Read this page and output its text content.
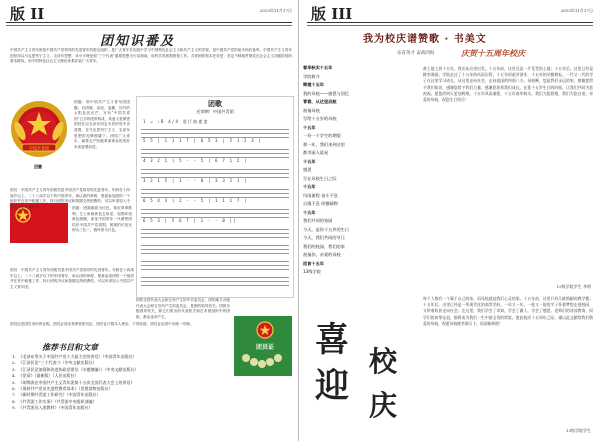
版 II	2013年11月17日
团知识番及
中国共产主义青年团是中国共产党领导的先进青年的群众组织，是广大青年在实践中学习中国特色社会主义和共产主义的学校，是中国共产党的助手和后备军。中国共产主义青年团坚持以马克思列宁主义、毛泽东思想、邓小平理论和“三个代表”重要思想为行动指南，用科学发展观统领工作。共青团的根本任务是：坚定不移地贯彻党在社会主义初级阶段的基本路线，用中国特色社会主义理论体系武装广大青年。
中国共青团
团徽
团徽：即中国共产主义青年团团徽。以团旗、齿轮、麦穗、初升的太阳及其光芒、写有“中国共青团”五字的绶带构成，其意义是紧密团结在以毛泽东同志为首的党中央周围，在马克思列宁主义、毛泽东思想的光辉照耀下，团结广大青年，朝着无产阶级革命事业的美好未来奋勇前进。
团员：中国共产主义青年团团员是中国共产党领导的先进青年。年龄在十四周岁以上，二十八周岁以下的中国青年，承认团的章程，愿意参加团的一个组织并在其中积极工作、执行团的决议和按期交纳团费的，可以申请加入中国共产主义青年团。	团旗：团旗旗面为红色，象征革命胜利；左上角缀黄色五角星，周围环绕黄色圆圈，象征中国青年一代紧密团结在中国共产党周围。团旗的长宽比例为三比二，旗杆套为白色。
团歌
光荣啊！中国共青团
1 = ♭B 4/4 进行曲速度
5 5 | 1 1 1 7 | 6 5 3 | 5 1 2 3 |
4 3 2 1 | 5 - - 5 | 6 7 1 2 |
3 2 1 5 | 1 - - 0 | 3 3 2 1 |
6 5 4 3 | 2 - - 5 | 1 1 1 7 |
6 5 3 | 5 6 7 | 1 - - 0 ||
团员：中国共产主义青年团团员是中国共产党领导的先进青年。年龄在十四周岁以上，二十八周岁以下的中国青年，承认团的章程，愿意参加团的一个组织并在其中积极工作、执行团的决议和按期交纳团费的，可以申请加入中国共产主义青年团。
团的全国代表大会和它所产生的中央委员会，团的地方各级代表大会和它们所产生的委员会，是团的领导机关。团的各级领导机关，除它们派出的代表机关和在非团组织中的团组，都由选举产生。
团员证
团员证是团员身份的证明。团员必须妥善保管团员证，团员证只限本人使用，不得转借。团员证由团中央统一印制。
推荐书目和文章
1．《毛泽东等关于中国共产党十大届大会的讲话》（中国青年出版社）
2．《江泽民论“三个代表”》（中央文献出版社）
3．《江泽民论加强和改进执政党建设（专题摘编）》（中央文献出版社）
4．《党章》（最新版）（人民出版社）
5．《胡锦涛在中国共产主义青年团第十五次全国代表大会上的讲话》
6．《保持共产党员先进性教育读本》（党建读物出版社）
7．《新时期共青团工作研究》（中国青年出版社）
8．《共青团工作实务》（共青团中央组织部编）
9．《共青团员入团教材》（中国青年出版社）
版 III	2013年11月17日
我为校庆谱赞歌 · 书美文
庆贺十五周年校庆
乐育英才 奋战四海
春华秋实十五年
学院简介
辉煌十五年
我的母校——感恩与回忆
青春，从这里启航
祝福母校
写给十五岁的母校
十五年
一份一个学生的期望
那一年，我们来到这里
都市丽人晨星
十五年
感恩
写在母校生日之际
十五年
风雨兼程 奋斗不息
自强不息 厚德载物
十五年
我们共同的家园
今天，是你十五岁的生日
今天，我们共同的节日
我们的校园，我们的家
祝福你，亲爱的母校
回首十五年
13级学院
喜
迎
校
庆
黄土地上的十五年，我们从这里出发。十五年前，这里还是一片荒芜的土地；十五年后，这里已经是桃李满园。学院走过了十五年的风雨历程，十五年的艰苦创业，十五年的辛勤耕耘。一代又一代的学子在这里学习成长，从这里走向社会，走向祖国的四面八方。母校啊，您是我们永远的家。感谢您给予我们知识，感谢您给予我们力量，感谢您培养我们成长。在您十五岁生日的时候，让我们共同为您祝福，愿您的明天更加辉煌。十五年风雨兼程，十五年春华秋实。我们为您骄傲，我们为您自豪。亲爱的母校，祝您生日快乐！
13级学院学生 李明
每个人都有一个属于自己的家，而母校就是我们心灵的家。十五年前，这里只有几栋简陋的教学楼；十五年后，这里已经是一所现代化的高等学府。一年又一年，一批又一批的学子怀着梦想走进校园，又带着收获走向社会。在这里，我们学会了求知，学会了做人，学会了感恩。老师们的谆谆教诲，同学们的真挚友谊，都将成为我们一生中最宝贵的财富。值此校庆十五周年之际，谨以此文献给我们敬爱的母校，祝愿母校桃李满天下，再创新辉煌！
13级学院学生
